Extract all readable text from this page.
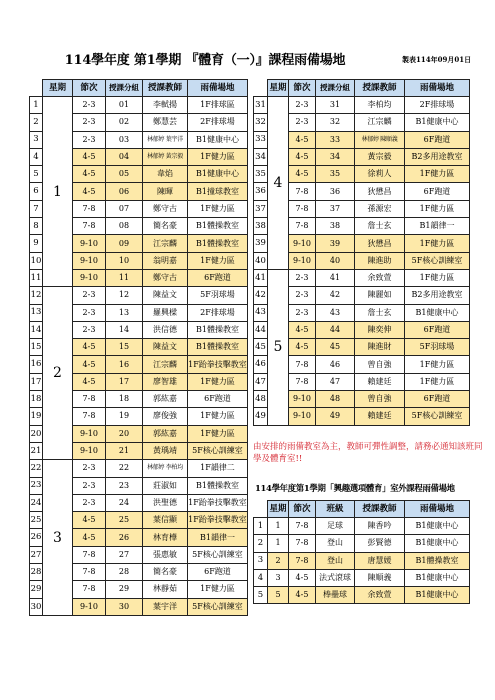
114學年度 第1學期 『體育（一）』課程雨備場地	製表114年09月01日
	星期	節次	授課分組	授課教師	雨備場地
1	1	2-3	01	李軾揚	1F排球區
2		2-3	02	鄭慧芸	2F排球場
3		2-3	03	林郁婷 葉宇洋	B1健康中心
4		4-5	04	林郁婷 黃宗毅	1F健力區
5		4-5	05	韋焰	B1健康中心
6		4-5	06	陳暉	B1撞球教室
7		7-8	07	鄭守古	1F健力區
8		7-8	08	簡名豪	B1體操教室
9		9-10	09	江宗麟	B1體操教室
10		9-10	10	翁明嘉	1F健力區
11		9-10	11	鄭守古	6F跑道
12	2	2-3	12	陳益文	5F羽球場
13		2-3	13	羅興樑	2F排球場
14		2-3	14	洪信德	B1體操教室
15		4-5	15	陳益文	B1體操教室
16		4-5	16	江宗麟	1F跆拳技擊教室
17		4-5	17	廖智雄	1F健力區
18		7-8	18	郭紘嘉	6F跑道
19		7-8	19	廖俊強	1F健力區
20		9-10	20	郭紘嘉	1F健力區
21		9-10	21	黃瑀靖	5F核心訓練室
22	3	2-3	22	林郁婷 李柏均	1F韻律二
23		2-3	23	莊淑如	B1體操教室
24		2-3	24	洪聖德	1F跆拳技擊教室
25		4-5	25	葉信顯	1F跆拳技擊教室
26		4-5	26	林育樺	B1韻律一
27		7-8	27	張惠敏	5F核心訓練室
28		7-8	28	簡名豪	6F跑道
29		7-8	29	林靜茹	1F健力區
30		9-10	30	葉宇洋	5F核心訓練室
	星期	節次	授課分組	授課教師	雨備場地
31	4	2-3	31	李柏均	2F排球場
32		2-3	32	江宗麟	B1健康中心
33		4-5	33	林郁婷 陳順義	6F跑道
34		4-5	34	黃宗毅	B2多用途教室
35		4-5	35	徐莉人	1F健力區
36		7-8	36	狄懋昌	6F跑道
37		7-8	37	孫源宏	1F健力區
38		7-8	38	詹士玄	B1韻律一
39		9-10	39	狄懋昌	1F健力區
40		9-10	40	陳進助	5F核心訓練室
41	5	2-3	41	余致萱	1F健力區
42		2-3	42	陳麗如	B2多用途教室
43		2-3	43	詹士玄	B1健康中心
44		4-5	44	陳奕伸	6F跑道
45		4-5	45	陳進財	5F羽球場
46		7-8	46	曾自強	1F健力區
47		7-8	47	賴建廷	1F健力區
48		9-10	48	曾自強	6F跑道
49		9-10	49	賴建廷	5F核心訓練室
由安排的雨備教室為主，教師可彈性調整，請務必通知該班同學及體育室!!
114學年度第1學期「興趣選項體育」室外課程雨備場地
	星期	節次	班級	授課教師	雨備場地
1	1	7-8	足球	陳香吟	B1健康中心
2	1	7-8	登山	彭賢德	B1健康中心
3	2	7-8	登山	唐慧媛	B1體操教室
4	3	4-5	法式滾球	陳順義	B1健康中心
5	5	4-5	棒壘球	余致萱	B1健康中心
